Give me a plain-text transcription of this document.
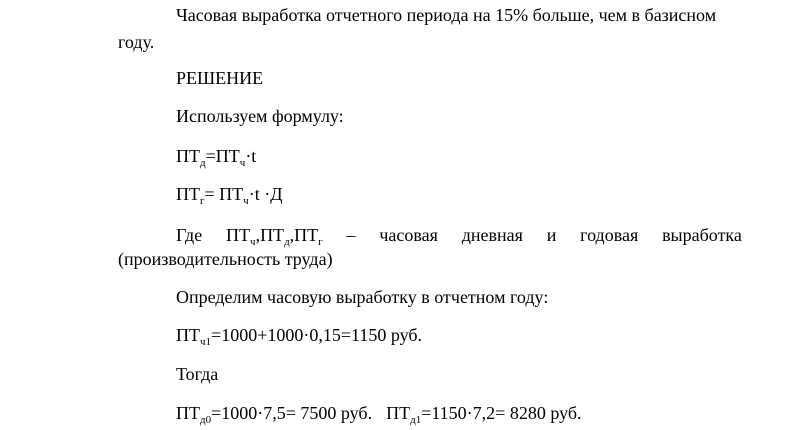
Часовая выработка отчетного периода на 15% больше, чем в базисном

году.

РЕШЕНИЕ

Используем формулу:

$ПТ_д=ПТ_ч\cdot t$

$ПТ_г= ПТ_ч\cdot t \cdot Д$

Где $ПТ_ч,ПТ_д,ПТ_г$ – часовая дневная и годовая выработка

(производительность труда)

Определим часовую выработку в отчетном году:

$ПТ_{ч1}=1000+1000\cdot 0,15=1150$ руб.

Тогда

$ПТ_{д0}=1000\cdot 7,5= 7500$ руб. $ПТ_{д1}=1150\cdot 7,2= 8280$ руб.
